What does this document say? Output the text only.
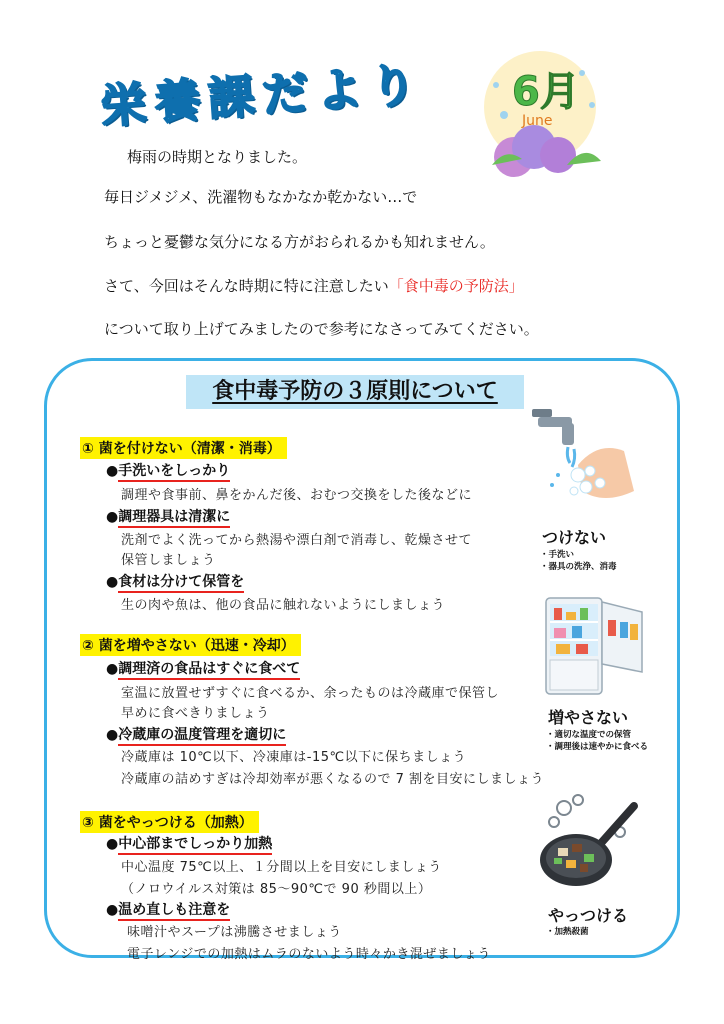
栄養課だより	6月
June

梅雨の時期となりました。

毎日ジメジメ、洗濯物もなかなか乾かない…で

ちょっと憂鬱な気分になる方がおられるかも知れません。

さて、今回はそんな時期に特に注意したい「食中毒の予防法」

について取り上げてみましたので参考になさってみてください。

食中毒予防の３原則について
① 菌を付けない（清潔・消毒）
●手洗いをしっかり
調理や食事前、鼻をかんだ後、おむつ交換をした後などに
●調理器具は清潔に
洗剤でよく洗ってから熱湯や漂白剤で消毒し、乾燥させて
保管しましょう
●食材は分けて保管を
生の肉や魚は、他の食品に触れないようにしましょう
つけない
・手洗い
・器具の洗浄、消毒
② 菌を増やさない（迅速・冷却）
●調理済の食品はすぐに食べて
室温に放置せずすぐに食べるか、余ったものは冷蔵庫で保管し
早めに食べきりましょう
●冷蔵庫の温度管理を適切に
冷蔵庫は 10℃以下、冷凍庫は-15℃以下に保ちましょう
冷蔵庫の詰めすぎは冷却効率が悪くなるので 7 割を目安にしましょう
増やさない
・適切な温度での保管
・調理後は速やかに食べる
③ 菌をやっつける（加熱）
●中心部までしっかり加熱
中心温度 75℃以上、１分間以上を目安にしましょう
（ノロウイルス対策は 85～90℃で 90 秒間以上）
●温め直しも注意を
味噌汁やスープは沸騰させましょう
電子レンジでの加熱はムラのないよう時々かき混ぜましょう
やっつける
・加熱殺菌
